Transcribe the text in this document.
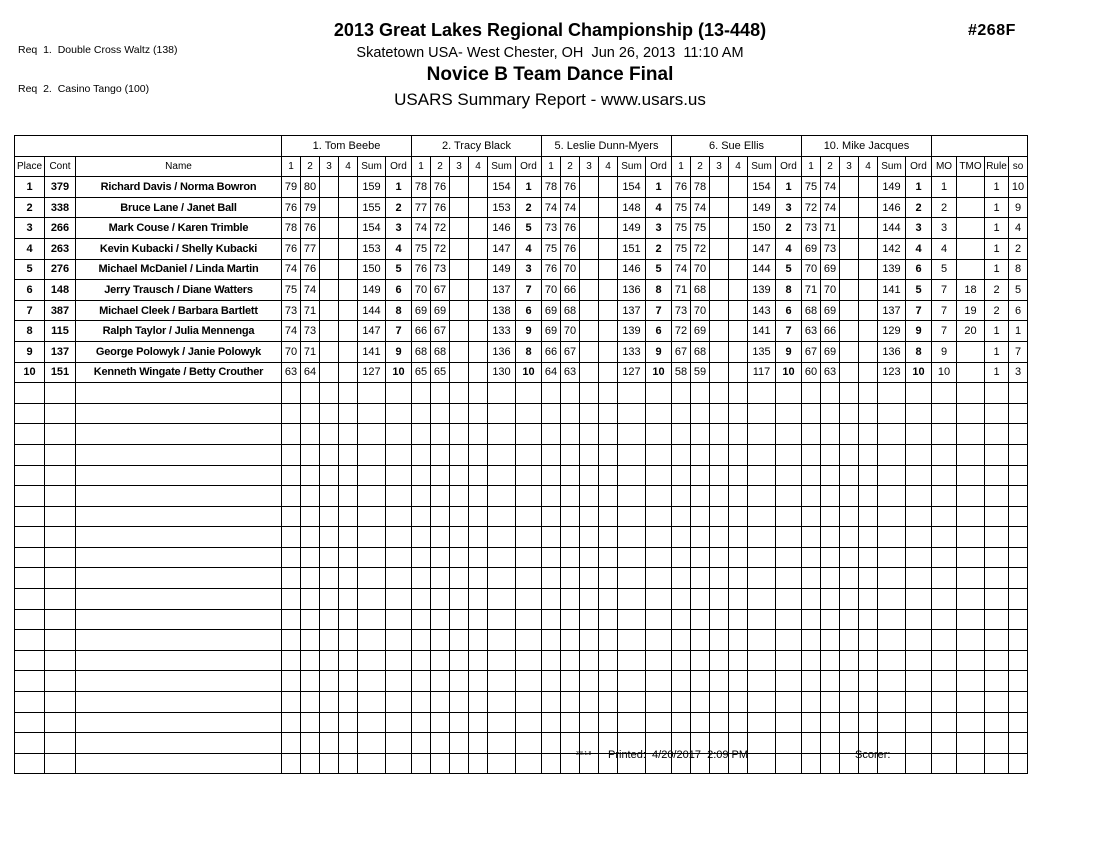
Req  1.  Double Cross Waltz (138)

Req  2.  Casino Tango (100)

#268F
2013 Great Lakes Regional Championship (13-448)
Skatetown USA- West Chester, OH  Jun 26, 2013  11:10 AM
Novice B Team Dance Final
USARS Summary Report - www.usars.us
			1. Tom Beebe						2. Tracy Black						5. Leslie Dunn-Myers						6. Sue Ellis						10. Mike Jacques									
Place	Cont	Name	1	2	3	4	Sum	Ord	1	2	3	4	Sum	Ord	1	2	3	4	Sum	Ord	1	2	3	4	Sum	Ord	1	2	3	4	Sum	Ord	MO	TMO	Rule	so
1	379	Richard Davis / Norma Bowron	79	80			159	1	78	76			154	1	78	76			154	1	76	78			154	1	75	74			149	1	1		1	10
2	338	Bruce Lane / Janet Ball	76	79			155	2	77	76			153	2	74	74			148	4	75	74			149	3	72	74			146	2	2		1	9
3	266	Mark Couse / Karen Trimble	78	76			154	3	74	72			146	5	73	76			149	3	75	75			150	2	73	71			144	3	3		1	4
4	263	Kevin Kubacki / Shelly Kubacki	76	77			153	4	75	72			147	4	75	76			151	2	75	72			147	4	69	73			142	4	4		1	2
5	276	Michael McDaniel / Linda Martin	74	76			150	5	76	73			149	3	76	70			146	5	74	70			144	5	70	69			139	6	5		1	8
6	148	Jerry Trausch / Diane Watters	75	74			149	6	70	67			137	7	70	66			136	8	71	68			139	8	71	70			141	5	7	18	2	5
7	387	Michael Cleek / Barbara Bartlett	73	71			144	8	69	69			138	6	69	68			137	7	73	70			143	6	68	69			137	7	7	19	2	6
8	115	Ralph Taylor / Julia Mennenga	74	73			147	7	66	67			133	9	69	70			139	6	72	69			141	7	63	66			129	9	7	20	1	1
9	137	George Polowyk / Janie Polowyk	70	71			141	9	68	68			136	8	66	67			133	9	67	68			135	9	67	69			136	8	9		1	7
10	151	Kenneth Wingate / Betty Crouther	63	64			127	10	65	65			130	10	64	63			127	10	58	59			117	10	60	63			123	10	10		1	3

3.8.1.8 Printed:  4/20/2017  2:09 PM	Scorer:
